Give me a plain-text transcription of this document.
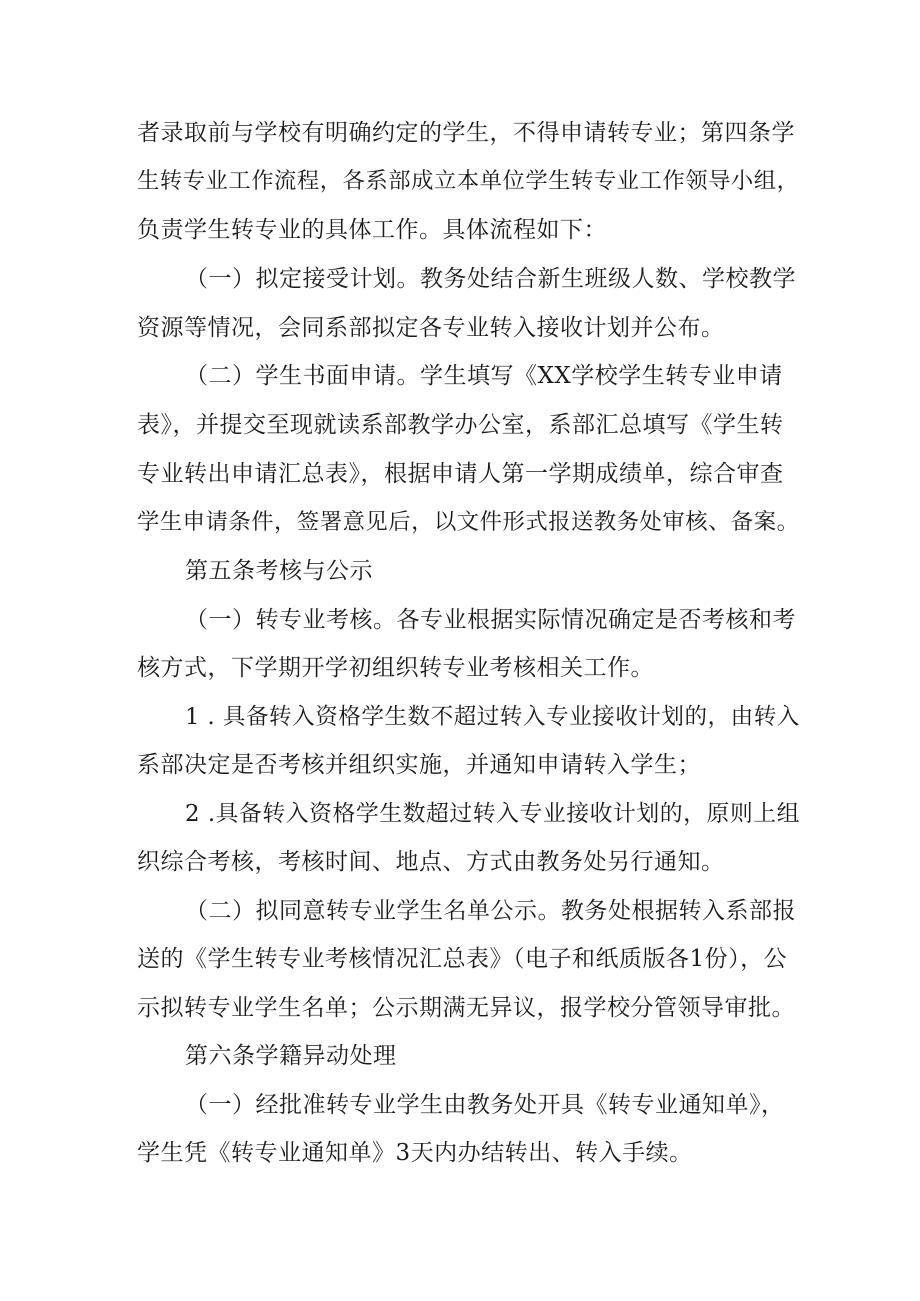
者录取前与学校有明确约定的学生，不得申请转专业；第四条学
生转专业工作流程，各系部成立本单位学生转专业工作领导小组，
负责学生转专业的具体工作。具体流程如下：
（一）拟定接受计划。教务处结合新生班级人数、学校教学
资源等情况，会同系部拟定各专业转入接收计划并公布。
（二）学生书面申请。学生填写《XX学校学生转专业申请
表》，并提交至现就读系部教学办公室，系部汇总填写《学生转
专业转出申请汇总表》，根据申请人第一学期成绩单，综合审查
学生申请条件，签署意见后，以文件形式报送教务处审核、备案。
第五条考核与公示
（一）转专业考核。各专业根据实际情况确定是否考核和考
核方式，下学期开学初组织转专业考核相关工作。
1 . 具备转入资格学生数不超过转入专业接收计划的，由转入
系部决定是否考核并组织实施，并通知申请转入学生；
2 .具备转入资格学生数超过转入专业接收计划的，原则上组
织综合考核，考核时间、地点、方式由教务处另行通知。
（二）拟同意转专业学生名单公示。教务处根据转入系部报
送的《学生转专业考核情况汇总表》（电子和纸质版各1份），公
示拟转专业学生名单；公示期满无异议，报学校分管领导审批。
第六条学籍异动处理
（一）经批准转专业学生由教务处开具《转专业通知单》，
学生凭《转专业通知单》3天内办结转出、转入手续。
